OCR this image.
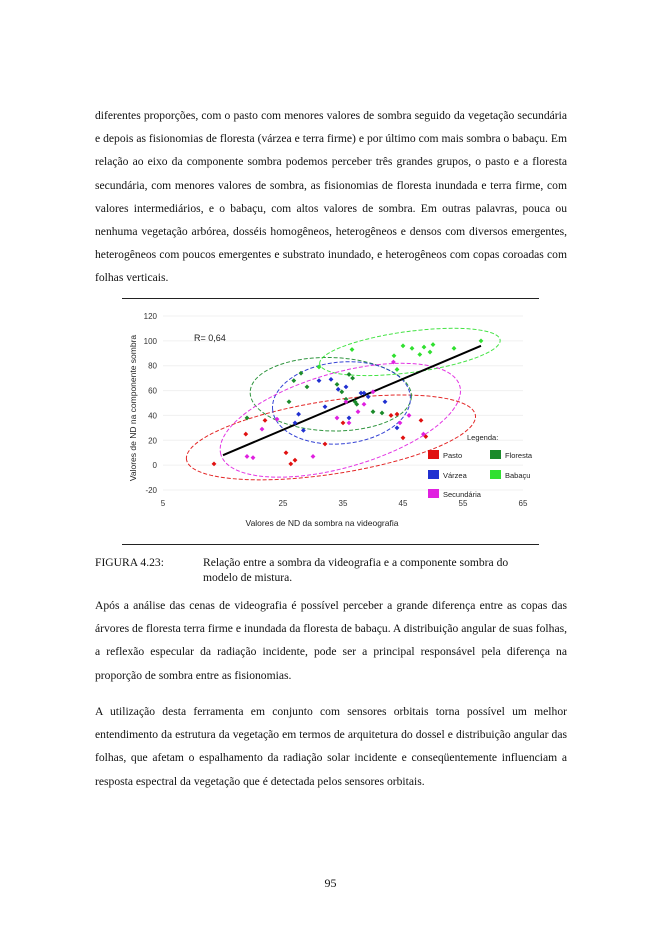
diferentes proporções, com o pasto com menores valores de sombra seguido da vegetação secundária e depois as fisionomias de floresta (várzea e terra firme) e por último com mais sombra o babaçu. Em relação ao eixo da componente sombra podemos perceber três grandes grupos, o pasto e a floresta secundária, com menores valores de sombra, as fisionomias de floresta inundada e terra firme, com valores intermediários, e o babaçu, com altos valores de sombra. Em outras palavras, pouca ou nenhuma vegetação arbórea, dosséis homogêneos, heterogêneos e densos com diversos emergentes, heterogêneos com poucos emergentes e substrato inundado, e heterogêneos com copas coroadas com folhas verticais.

5	25	35	45	55	65
-20
0
20
40
60
80
100
120
R= 0,64
Valores de ND da sombra na videografia
Valores de ND na componente sombra	Legenda:
Pasto	Floresta
Várzea	Babaçu
Secundária
FIGURA 4.23:	Relação entre a sombra da videografia e a componente sombra do
modelo de mistura.

Após a análise das cenas de videografia é possível perceber a grande diferença entre as copas das árvores de floresta terra firme e inundada da floresta de babaçu. A distribuição angular de suas folhas, a reflexão especular da radiação incidente, pode ser a principal responsável pela diferença na proporção de sombra entre as fisionomias.

A utilização desta ferramenta em conjunto com sensores orbitais torna possível um melhor entendimento da estrutura da vegetação em termos de arquitetura do dossel e distribuição angular das folhas, que afetam o espalhamento da radiação solar incidente e conseqüentemente influenciam a resposta espectral da vegetação que é detectada pelos sensores orbitais.

95
